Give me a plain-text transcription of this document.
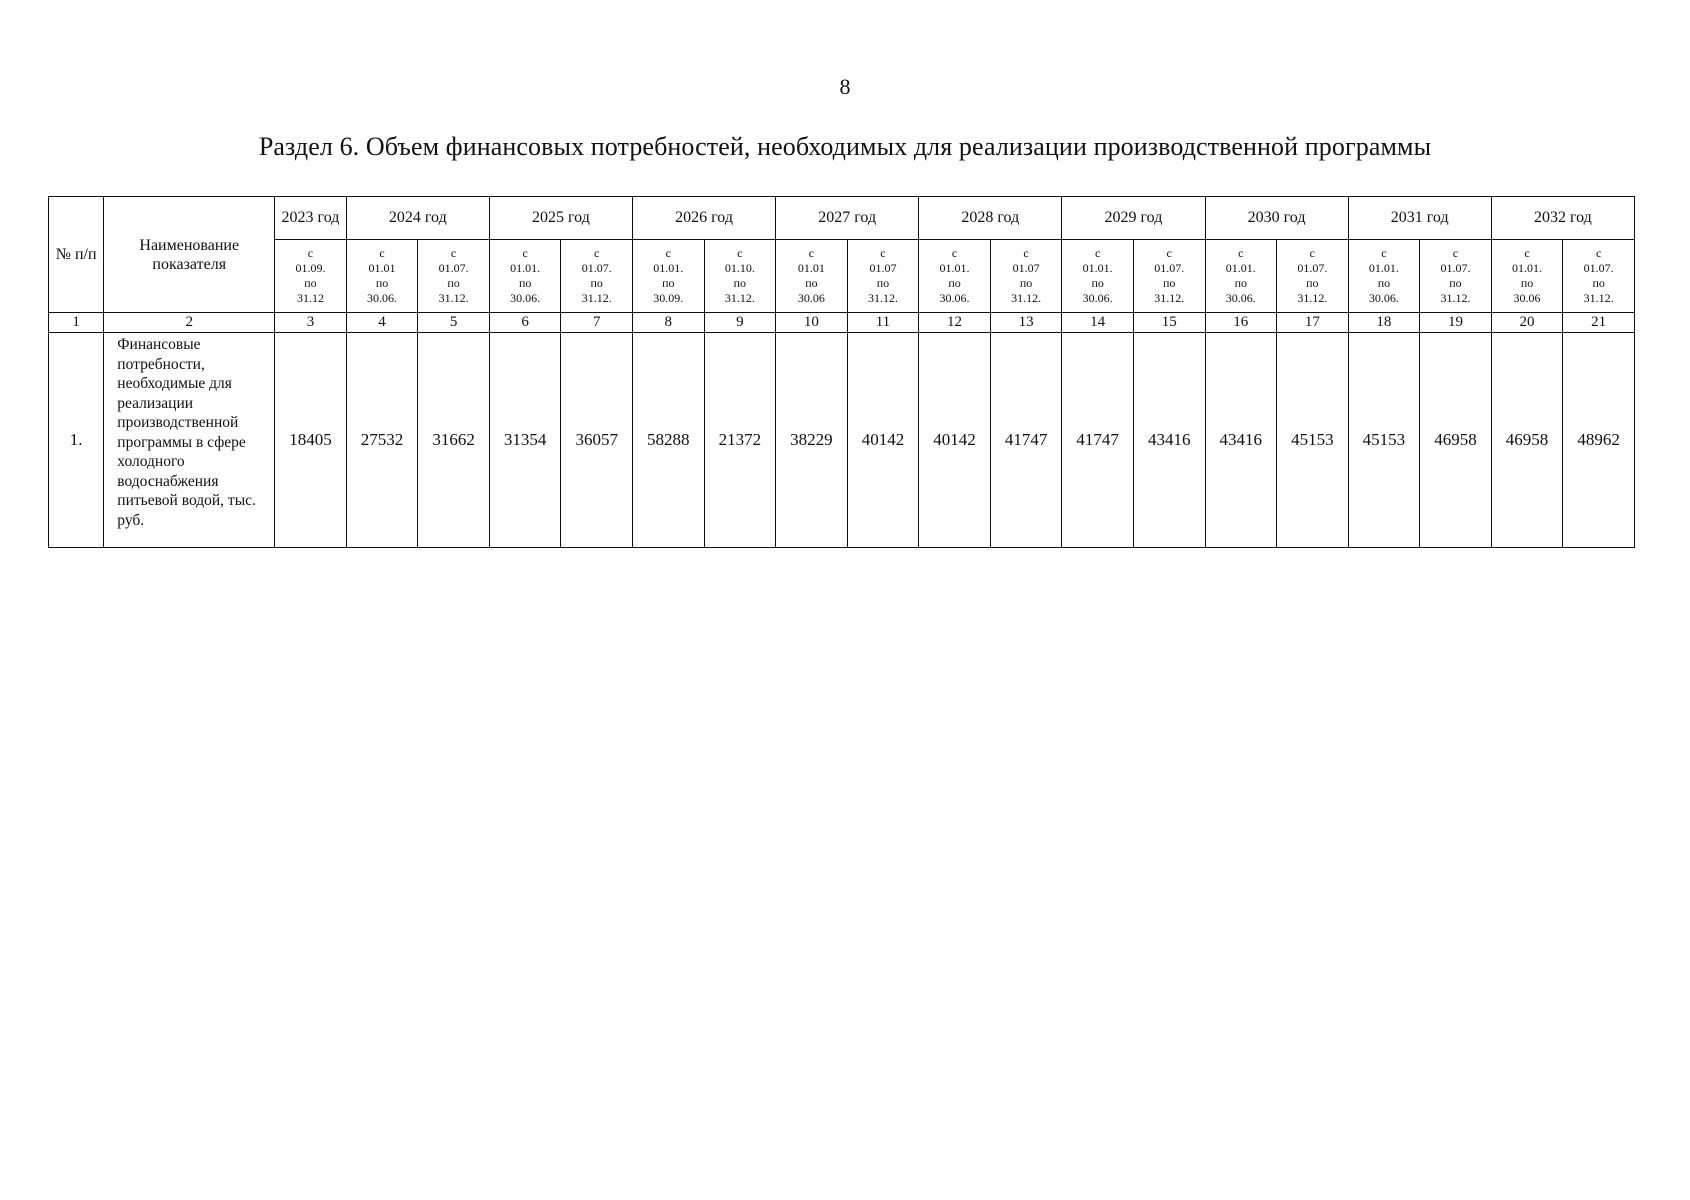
8
Раздел 6. Объем финансовых потребностей, необходимых для реализации производственной программы
№ п/п	Наименование показателя	2023 год	2024 год		2025 год		2026 год		2027 год		2028 год		2029 год		2030 год		2031 год		2032 год	

		с
01.09.
по
31.12	с
01.01
по
30.06.	с
01.07.
по
31.12.	с
01.01.
по
30.06.	с
01.07.
по
31.12.	с
01.01.
по
30.09.	с
01.10.
по
31.12.	с
01.01
по
30.06	с
01.07
по
31.12.	с
01.01.
по
30.06.	с
01.07
по
31.12.	с
01.01.
по
30.06.	с
01.07.
по
31.12.	с
01.01.
по
30.06.	с
01.07.
по
31.12.	с
01.01.
по
30.06.	с
01.07.
по
31.12.	с
01.01.
по
30.06	с
01.07.
по
31.12.

1	2	3	4	5	6	7	8	9	10	11	12	13	14	15	16	17	18	19	20	21
1.	Финансовые потребности, необходимые для реализации производственной программы в сфере холодного водоснабжения питьевой водой, тыс. руб.	18405	27532	31662	31354	36057	58288	21372	38229	40142	40142	41747	41747	43416	43416	45153	45153	46958	46958	48962
